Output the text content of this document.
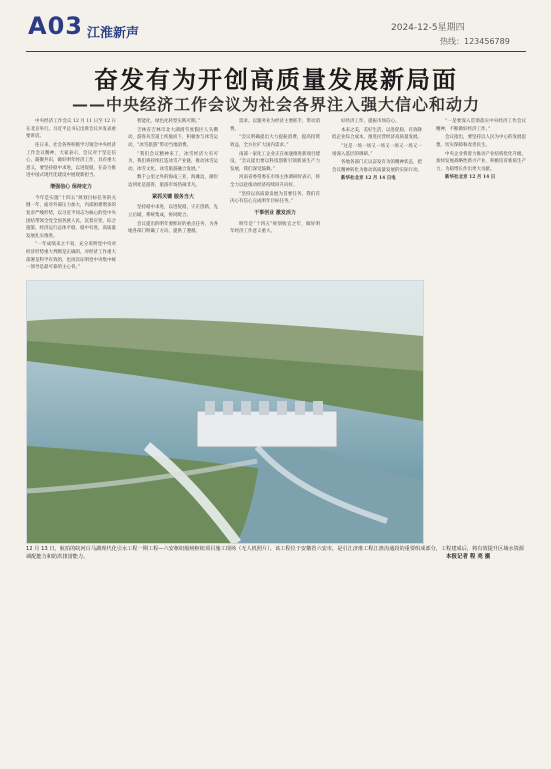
A03 江淮新声	2024-12-5星期四
热线：123456789
奋发有为开创高质量发展新局面
——中央经济工作会议为社会各界注入强大信心和动力

中央经济工作会议 12 月 11 日至 12 日在北京举行。习近平总书记出席会议并发表重要讲话。

连日来，社会各界积极学习领会中央经济工作会议精神，大家表示，会议对于坚定信心，凝聚共识，做好明年经济工作，具有重大意义，要坚持稳中求进，以进促稳，在奋力推进中国式现代化建设中展现新担当。

增强信心 保持定力

今年是实施“十四五”规划目标任务的关键一年，面对外部压力加大，内部困难增多的复杂严峻形势，以习近平同志为核心的党中央团结带领全党全国各族人民，沉着应变，综合施策，经济运行总体平稳，稳中有进，高质量发展扎实推进。

“一年成绩来之不易，充分说明党中央对经济形势重大判断是正确的，对经济工作重大部署是科学有效的，也再次证明党中央集中统一领导是最可靠的主心骨。”

智能化，绿色化转型实践可期。”

吉林省吉林市北大湖滑雪度假区人头攒动，游客从雪道上疾驰而下，积极参与冰雪运动，“冰雪旅游”带动当地消费。

“我们会议精神来了，冰雪经济大有可为，我们将持续打造冰雪产业链，推动冰雪运动、冰雪文化、冰雪旅游融合发展。”

数千公里之外的海南三亚，海滩边，湖岸边到处是游客，旅游市场热闹非凡。

紧抓关键 服务当大

坚持稳中求进，以进促稳，守正创新，先立后破，系统集成，协同配合。

会议提出的明年要抓好的重点任务，为各地各部门明确了方向，提供了遵循。

需求。以服务业为经济主要抓手，带动消费。

“会议明确提出大力提振消费，提高投资效益，全方位扩大国内需求。”

南部一家化工企业正在加速推进新项目建设，“会议提出要以科技创新引领新质生产力发展，我们深受鼓舞。”

河南省委常委在市场主体调研时表示，将全力以赴推动经济持续回升向好。

“坚持以高质量发展为首要任务，我们有决心有信心完成明年目标任务。”

干事创业 激发活力

明年是“十四五”规划收官之年，做好明年经济工作意义重大。

好经济工作，提振市场信心。

本来之美，美好生活，以进促稳，有效降低企业综合成本，推进民营经济高质量发展。

“这是一场一场又一场又一场又一场又一场深入基层的调研。”

各地各部门正以奋发有为的精神状态，把会议精神转化为推动高质量发展的实际行动。

新华社北京 12 月 14 日电

“一是要深入贯彻落实中央经济工作会议精神，不断做好经济工作。”

会议指出，要坚持以人民为中心的发展思想，切实保障和改善民生。

中央企业将着力推动产业结构优化升级，加快发展战略性新兴产业，积极培育新质生产力，为稳增长作出更大贡献。

新华社北京 12 月 14 日

12 月 13 日，航拍的皖河白马湖现代化引水工程一期工程—六安枢纽船闸枢纽项目施工现场（无人机照片）。该工程位于安徽省六安市，是引江济淮工程江淮沟通段的重要组成部分，工程建成后，将有效提升区域水资源调配能力和防洪排涝能力。	本报记者 程 亮 摄
